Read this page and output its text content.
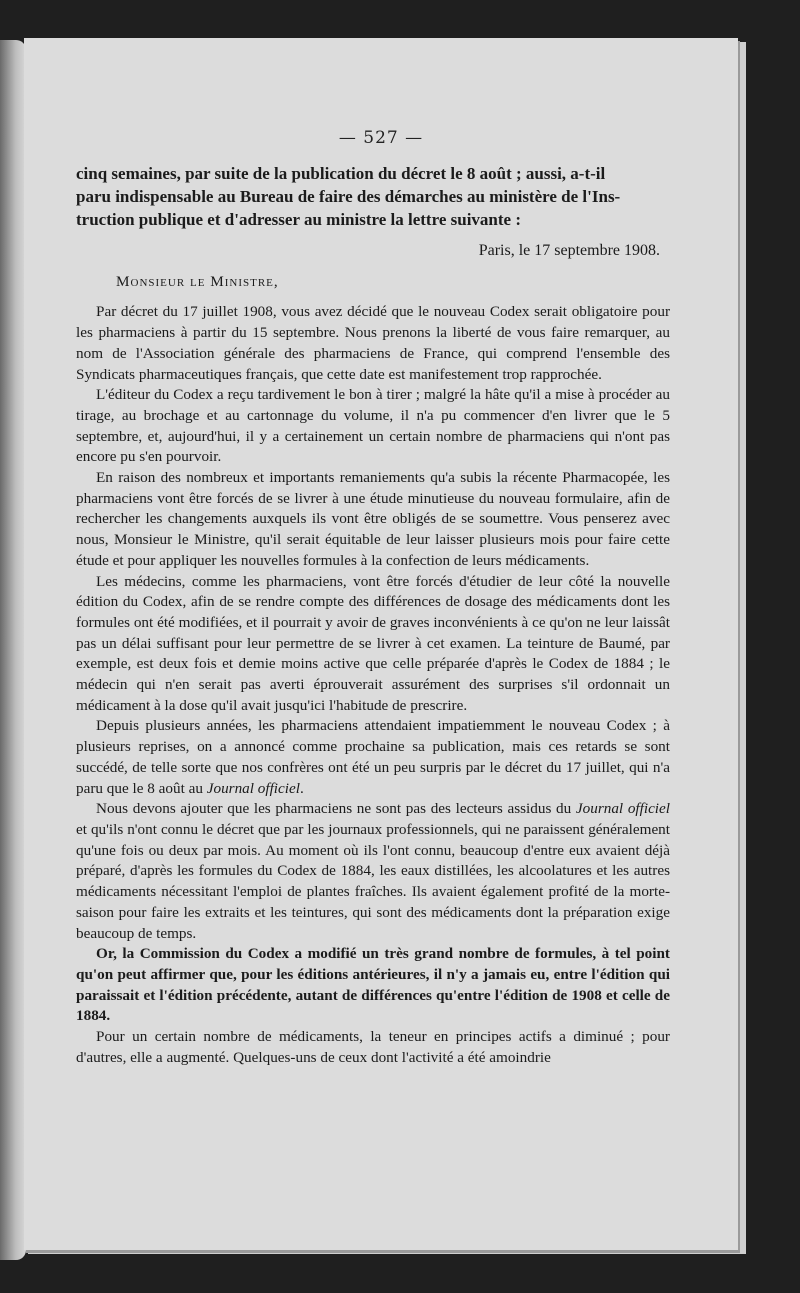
— 527 —

cinq semaines, par suite de la publication du décret le 8 août ; aussi, a-t-il

paru indispensable au Bureau de faire des démarches au ministère de l'Ins-

truction publique et d'adresser au ministre la lettre suivante :

Paris, le 17 septembre 1908.

Monsieur le Ministre,

Par décret du 17 juillet 1908, vous avez décidé que le nouveau Codex serait obligatoire pour les pharmaciens à partir du 15 septembre. Nous prenons la liberté de vous faire remarquer, au nom de l'Association générale des pharmaciens de France, qui comprend l'ensemble des Syndicats pharmaceutiques français, que cette date est manifestement trop rapprochée.

L'éditeur du Codex a reçu tardivement le bon à tirer ; malgré la hâte qu'il a mise à procéder au tirage, au brochage et au cartonnage du volume, il n'a pu commencer d'en livrer que le 5 septembre, et, aujourd'hui, il y a certainement un certain nombre de pharmaciens qui n'ont pas encore pu s'en pourvoir.

En raison des nombreux et importants remaniements qu'a subis la récente Pharmacopée, les pharmaciens vont être forcés de se livrer à une étude minutieuse du nouveau formulaire, afin de rechercher les changements auxquels ils vont être obligés de se soumettre. Vous penserez avec nous, Monsieur le Ministre, qu'il serait équitable de leur laisser plusieurs mois pour faire cette étude et pour appliquer les nouvelles formules à la confection de leurs médicaments.

Les médecins, comme les pharmaciens, vont être forcés d'étudier de leur côté la nouvelle édition du Codex, afin de se rendre compte des différences de dosage des médicaments dont les formules ont été modifiées, et il pourrait y avoir de graves inconvénients à ce qu'on ne leur laissât pas un délai suffisant pour leur permettre de se livrer à cet examen. La teinture de Baumé, par exemple, est deux fois et demie moins active que celle préparée d'après le Codex de 1884 ; le médecin qui n'en serait pas averti éprouverait assurément des surprises s'il ordonnait un médicament à la dose qu'il avait jusqu'ici l'habitude de prescrire.

Depuis plusieurs années, les pharmaciens attendaient impatiemment le nouveau Codex ; à plusieurs reprises, on a annoncé comme prochaine sa publication, mais ces retards se sont succédé, de telle sorte que nos confrères ont été un peu surpris par le décret du 17 juillet, qui n'a paru que le 8 août au Journal officiel.

Nous devons ajouter que les pharmaciens ne sont pas des lecteurs assidus du Journal officiel et qu'ils n'ont connu le décret que par les journaux professionnels, qui ne paraissent généralement qu'une fois ou deux par mois. Au moment où ils l'ont connu, beaucoup d'entre eux avaient déjà préparé, d'après les formules du Codex de 1884, les eaux distillées, les alcoolatures et les autres médicaments nécessitant l'emploi de plantes fraîches. Ils avaient également profité de la morte-saison pour faire les extraits et les teintures, qui sont des médicaments dont la préparation exige beaucoup de temps.

Or, la Commission du Codex a modifié un très grand nombre de formules, à tel point qu'on peut affirmer que, pour les éditions antérieures, il n'y a jamais eu, entre l'édition qui paraissait et l'édition précédente, autant de différences qu'entre l'édition de 1908 et celle de 1884.

Pour un certain nombre de médicaments, la teneur en principes actifs a diminué ; pour d'autres, elle a augmenté. Quelques-uns de ceux dont l'activité a été amoindrie
